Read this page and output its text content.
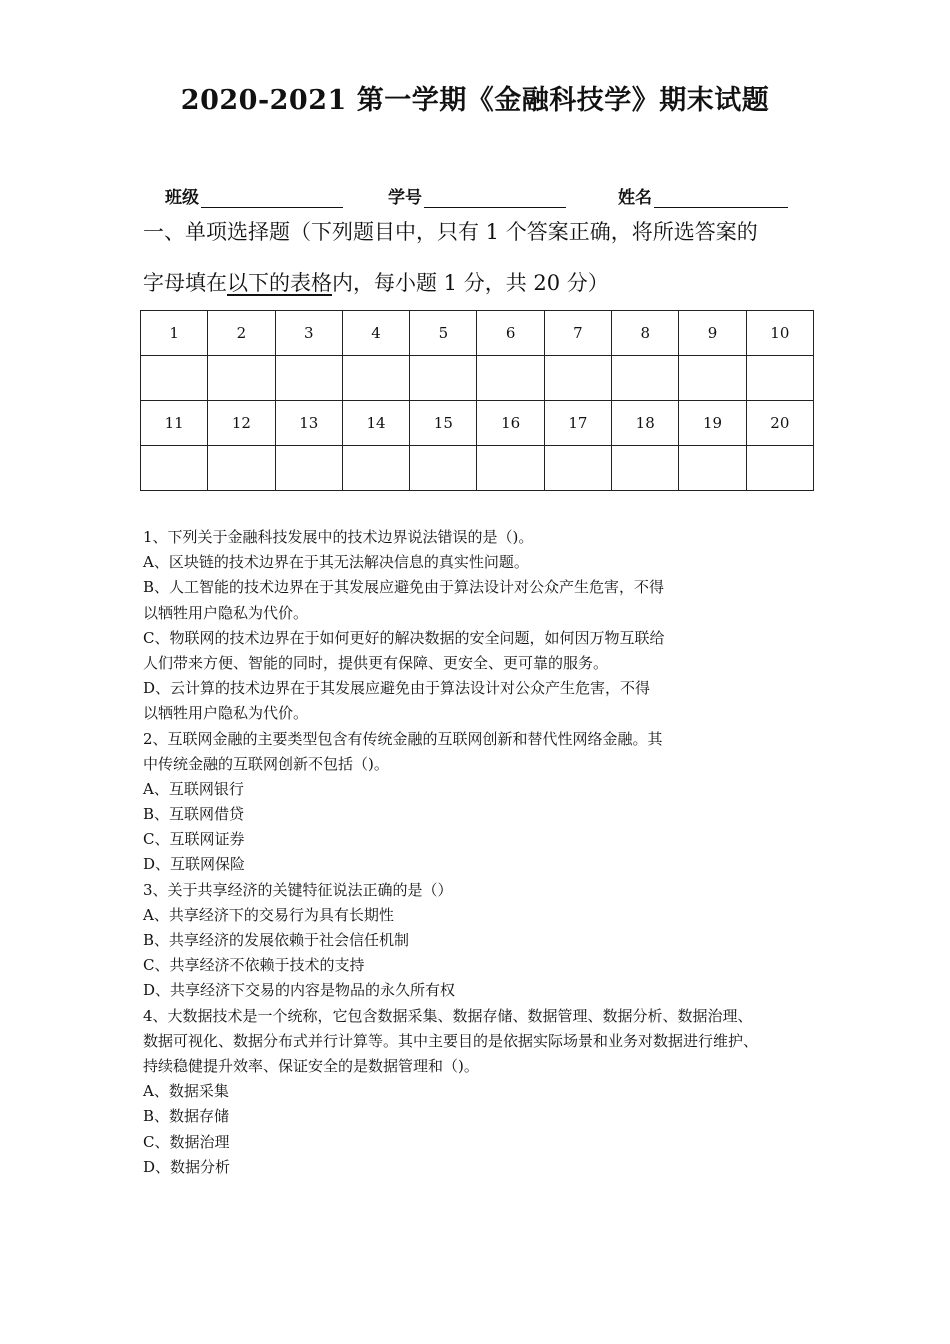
2020-2021 第一学期《金融科技学》期末试题
班级	学号	姓名

一、单项选择题（下列题目中，只有 1 个答案正确，将所选答案的

字母填在以下的表格内，每小题 1 分，共 20 分）

1	2	3	4	5	6	7	8	9	10

11	12	13	14	15	16	17	18	19	20

1、下列关于金融科技发展中的技术边界说法错误的是（)。
A、区块链的技术边界在于其无法解决信息的真实性问题。
B、人工智能的技术边界在于其发展应避免由于算法设计对公众产生危害，不得
以牺牲用户隐私为代价。
C、物联网的技术边界在于如何更好的解决数据的安全问题，如何因万物互联给
人们带来方便、智能的同时，提供更有保障、更安全、更可靠的服务。
D、云计算的技术边界在于其发展应避免由于算法设计对公众产生危害，不得
以牺牲用户隐私为代价。
2、互联网金融的主要类型包含有传统金融的互联网创新和替代性网络金融。其
中传统金融的互联网创新不包括（)。
A、互联网银行
B、互联网借贷
C、互联网证券
D、互联网保险
3、关于共享经济的关键特征说法正确的是（）
A、共享经济下的交易行为具有长期性
B、共享经济的发展依赖于社会信任机制
C、共享经济不依赖于技术的支持
D、共享经济下交易的内容是物品的永久所有权
4、大数据技术是一个统称，它包含数据采集、数据存储、数据管理、数据分析、数据治理、
数据可视化、数据分布式并行计算等。其中主要目的是依据实际场景和业务对数据进行维护、
持续稳健提升效率、保证安全的是数据管理和（)。
A、数据采集
B、数据存储
C、数据治理
D、数据分析
